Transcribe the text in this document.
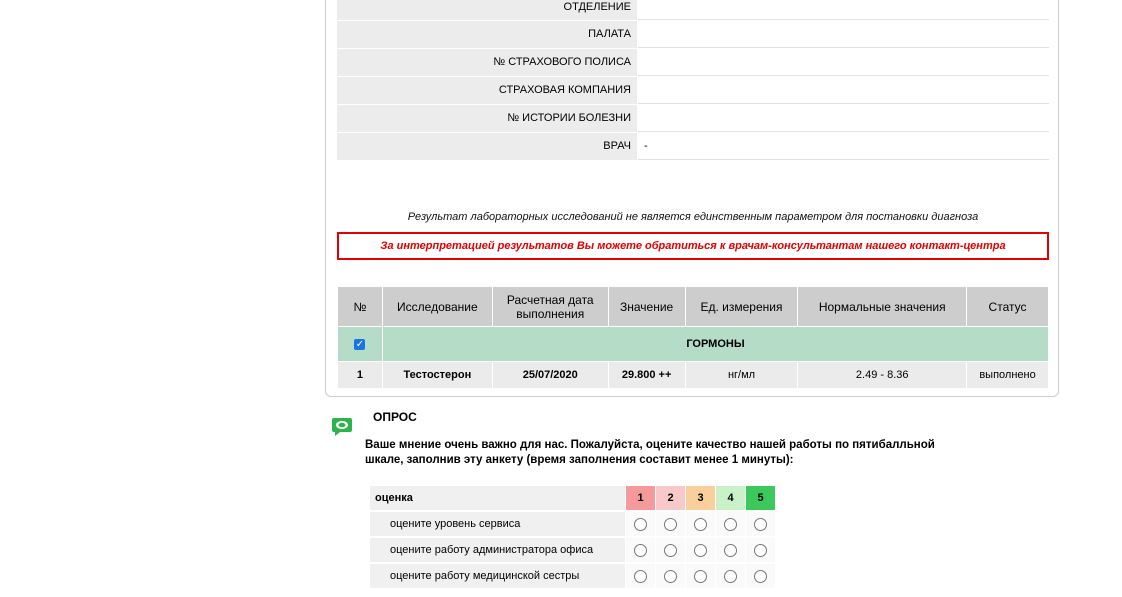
ОТДЕЛЕНИЕ
ПАЛАТА
№ СТРАХОВОГО ПОЛИСА
СТРАХОВАЯ КОМПАНИЯ
№ ИСТОРИИ БОЛЕЗНИ
ВРАЧ	-
Результат лабораторных исследований не является единственным параметром для постановки диагноза
За интерпретацией результатов Вы можете обратиться к врачам-консультантам нашего контакт-центра
№	Исследование	Расчетная дата выполнения	Значение	Ед. измерения	Нормальные значения	Статус
✓	ГОРМОНЫ					
1	Тестостерон	25/07/2020	29.800 ++	нг/мл	2.49 - 8.36	выполнено
ОПРОС
Ваше мнение очень важно для нас. Пожалуйста, оцените качество нашей работы по пятибалльной шкале, заполнив эту анкету (время заполнения составит менее 1 минуты):
оценка	1	2	3	4	5
оцените уровень сервиса					
оцените работу администратора офиса					
оцените работу медицинской сестры					
